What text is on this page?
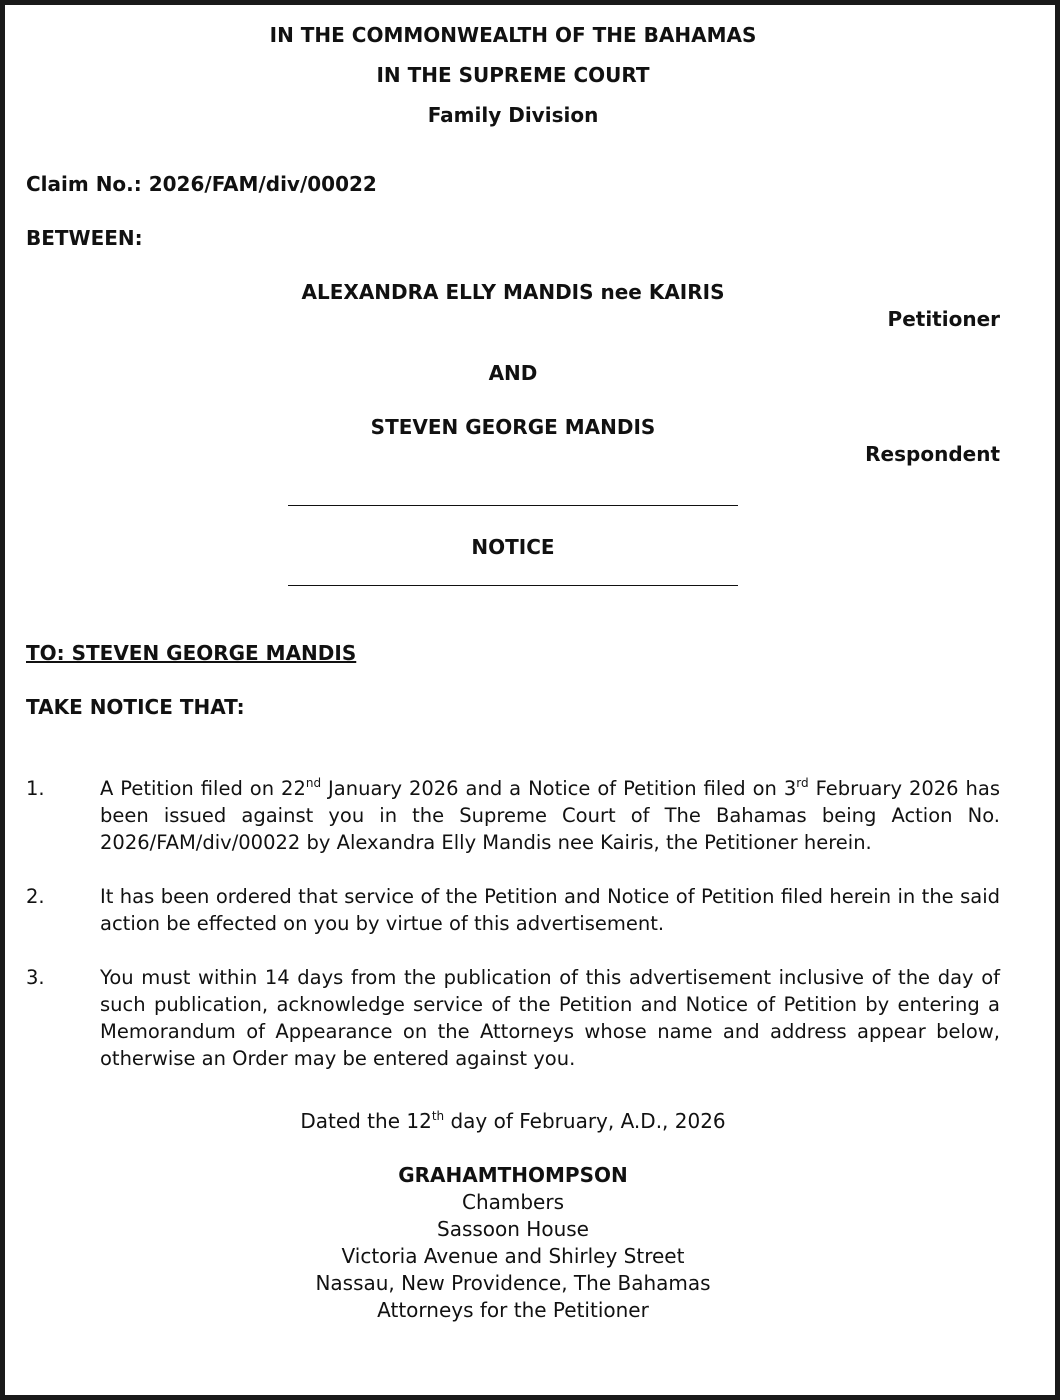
IN THE COMMONWEALTH OF THE BAHAMAS
IN THE SUPREME COURT
Family Division
Claim No.: 2026/FAM/div/00022
BETWEEN:
ALEXANDRA ELLY MANDIS nee KAIRIS
Petitioner
AND
STEVEN GEORGE MANDIS
Respondent
NOTICE
TO: STEVEN GEORGE MANDIS
TAKE NOTICE THAT:
1.	A Petition filed on 22nd January 2026 and a Notice of Petition filed on 3rd February 2026 has been issued against you in the Supreme Court of The Bahamas being Action No. 2026/FAM/div/00022 by Alexandra Elly Mandis nee Kairis, the Petitioner herein.
2.	It has been ordered that service of the Petition and Notice of Petition filed herein in the said action be effected on you by virtue of this advertisement.
3.	You must within 14 days from the publication of this advertisement inclusive of the day of such publication, acknowledge service of the Petition and Notice of Petition by entering a Memorandum of Appearance on the Attorneys whose name and address appear below, otherwise an Order may be entered against you.
Dated the 12th day of February, A.D., 2026
GRAHAMTHOMPSON
Chambers
Sassoon House
Victoria Avenue and Shirley Street
Nassau, New Providence, The Bahamas
Attorneys for the Petitioner
